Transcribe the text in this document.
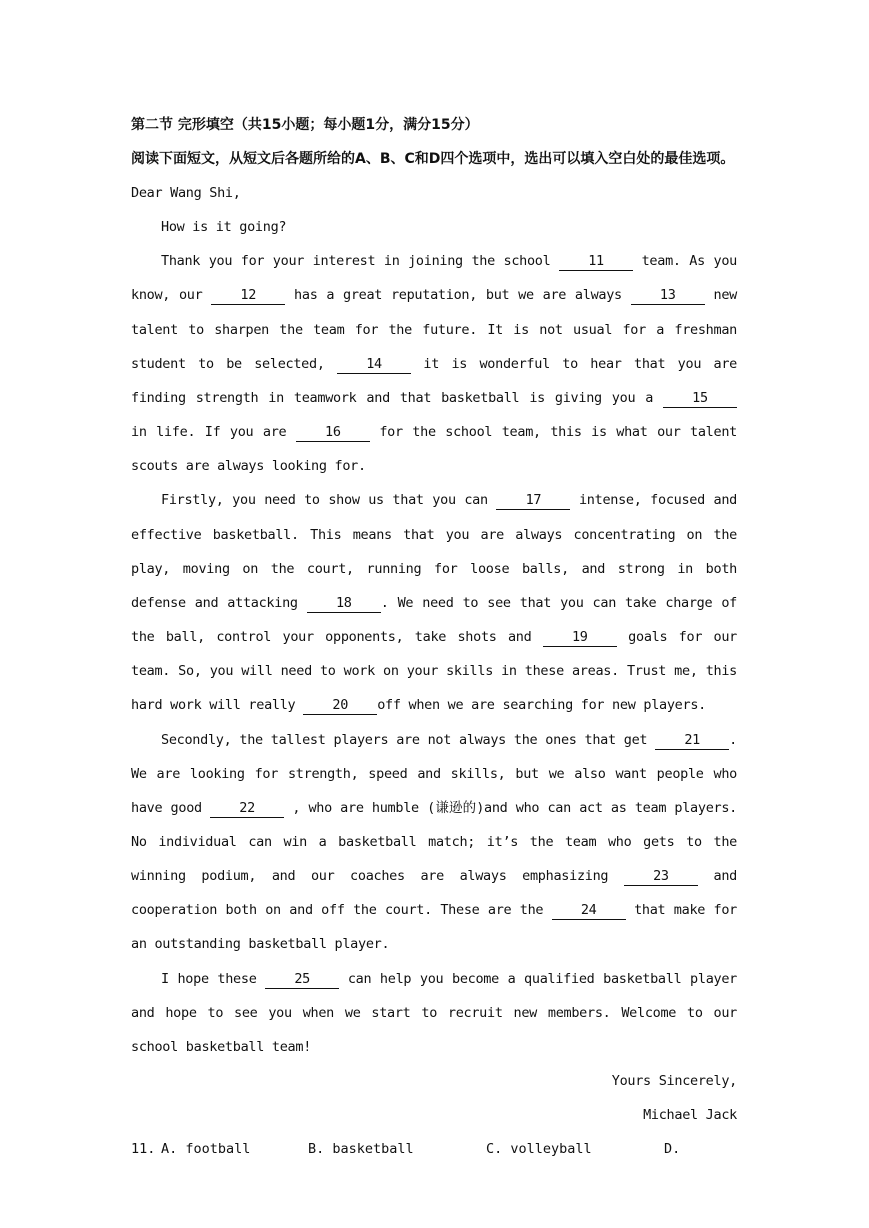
第二节 完形填空（共15小题；每小题1分，满分15分）

阅读下面短文，从短文后各题所给的A、B、C和D四个选项中，选出可以填入空白处的最佳选项。

Dear Wang Shi,

How is it going?

Thank you for your interest in joining the school 11 team. As you know, our 12 has a great reputation, but we are always 13 new talent to sharpen the team for the future. It is not usual for a freshman student to be selected, 14 it is wonderful to hear that you are finding strength in teamwork and that basketball is giving you a 15 in life. If you are 16 for the school team, this is what our talent scouts are always looking for.

Firstly, you need to show us that you can 17 intense, focused and effective basketball. This means that you are always concentrating on the play, moving on the court, running for loose balls, and strong in both defense and attacking 18 . We need to see that you can take charge of the ball, control your opponents, take shots and 19 goals for our team. So, you will need to work on your skills in these areas. Trust me, this hard work will really 20 off when we are searching for new players.

Secondly, the tallest players are not always the ones that get 21 . We are looking for strength, speed and skills, but we also want people who have good 22 , who are humble (谦逊的)and who can act as team players. No individual can win a basketball match; it’s the team who gets to the winning podium, and our coaches are always emphasizing 23 and cooperation both on and off the court. These are the 24 that make for an outstanding basketball player.

I hope these 25 can help you become a qualified basketball player and hope to see you when we start to recruit new members. Welcome to our school basketball team!

Yours Sincerely,

Michael Jack

11. A. football	B. basketball	C. volleyball	D.
